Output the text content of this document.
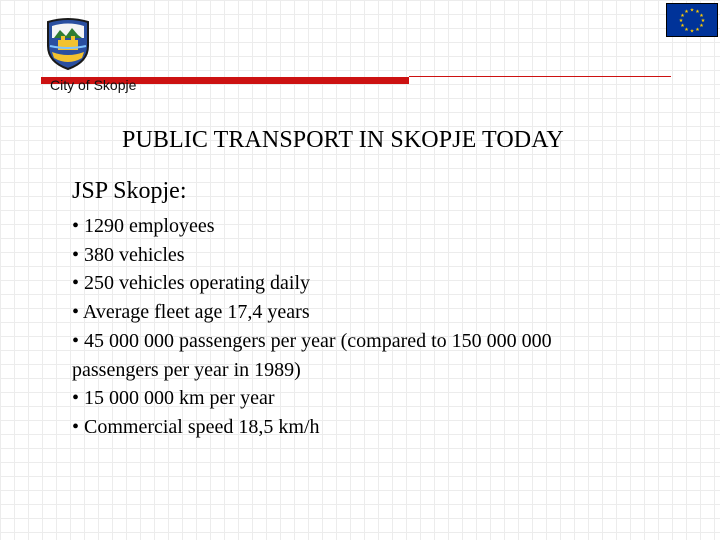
★ ★
★
★
★
★
★
★
★
★
★
★
City of Skopje
PUBLIC TRANSPORT IN SKOPJE TODAY
JSP Skopje:
• 1290 employees
• 380 vehicles
• 250 vehicles operating daily
• Average fleet age 17,4 years
• 45 000 000 passengers per year (compared to 150 000 000
passengers per year in 1989)
• 15 000 000 km per year
• Commercial speed 18,5 km/h
